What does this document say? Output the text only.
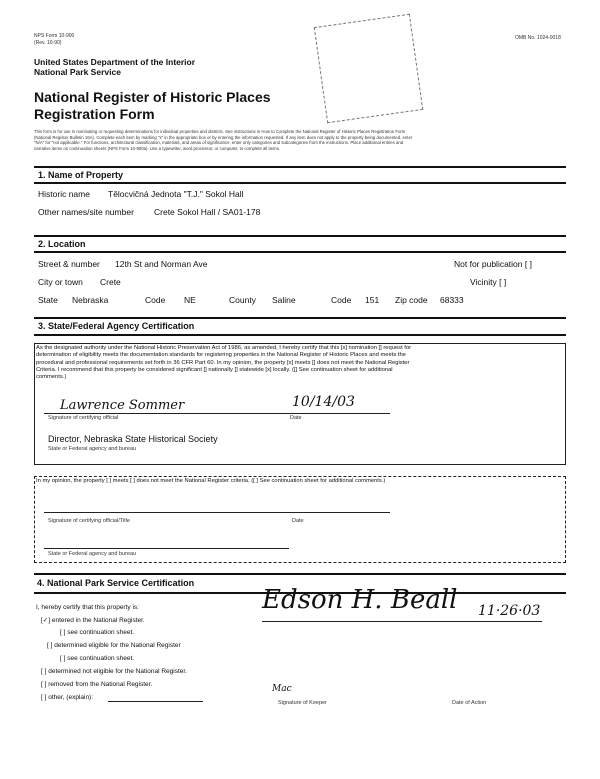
NPS Form 10-900
(Rev. 10-90)
OMB No. 1024-0018
United States Department of the Interior
National Park Service
National Register of Historic Places
Registration Form
This form is for use in nominating or requesting determinations for individual properties and districts. See instructions in How to Complete the National Register of Historic Places Registration Form
(National Register Bulletin 16A). Complete each item by marking "x" in the appropriate box or by entering the information requested. If any item does not apply to the property being documented, enter
"N/A" for "not applicable." For functions, architectural classification, materials, and areas of significance, enter only categories and subcategories from the instructions. Place additional entries and
narrative items on continuation sheets (NPS Form 10-900a). Use a typewriter, word processor, or computer, to complete all items.
1. Name of Property
Historic name Tělocvičná Jednota "T.J." Sokol Hall
Other names/site number Crete Sokol Hall / SA01-178
2. Location
Street & number 12th St and Norman Ave	Not for publication [ ]
City or town Crete	Vicinity [ ]
State Nebraska	Code NE	County Saline	Code 151 Zip code 68333
3. State/Federal Agency Certification
As the designated authority under the National Historic Preservation Act of 1986, as amended, I hereby certify that this [x] nomination [] request for
determination of eligibility meets the documentation standards for registering properties in the National Register of Historic Places and meets the
procedural and professional requirements set forth in 36 CFR Part 60. In my opinion, the property [x] meets [] does not meet the National Register
Criteria. I recommend that this property be considered significant [] nationally [] statewide [x] locally. ([] See continuation sheet for additional
comments.)
Lawrence Sommer
Signature of certifying official
10/14/03
Date
Director, Nebraska State Historical Society
State or Federal agency and bureau
In my opinion, the property [ ] meets [ ] does not meet the National Register criteria. ([ ] See continuation sheet for additional comments.)
Signature of certifying official/Title	Date
State or Federal agency and bureau
4. National Park Service Certification
I, hereby certify that this property is:
[✓] entered in the National Register.
[ ] see continuation sheet.
[ ] determined eligible for the National Register
[ ] see continuation sheet.
[ ] determined not eligible for the National Register.
[ ] removed from the National Register.
[ ] other, (explain):
Edson H. Beall 11·26·03
Mac
Signature of Keeper	Date of Action
